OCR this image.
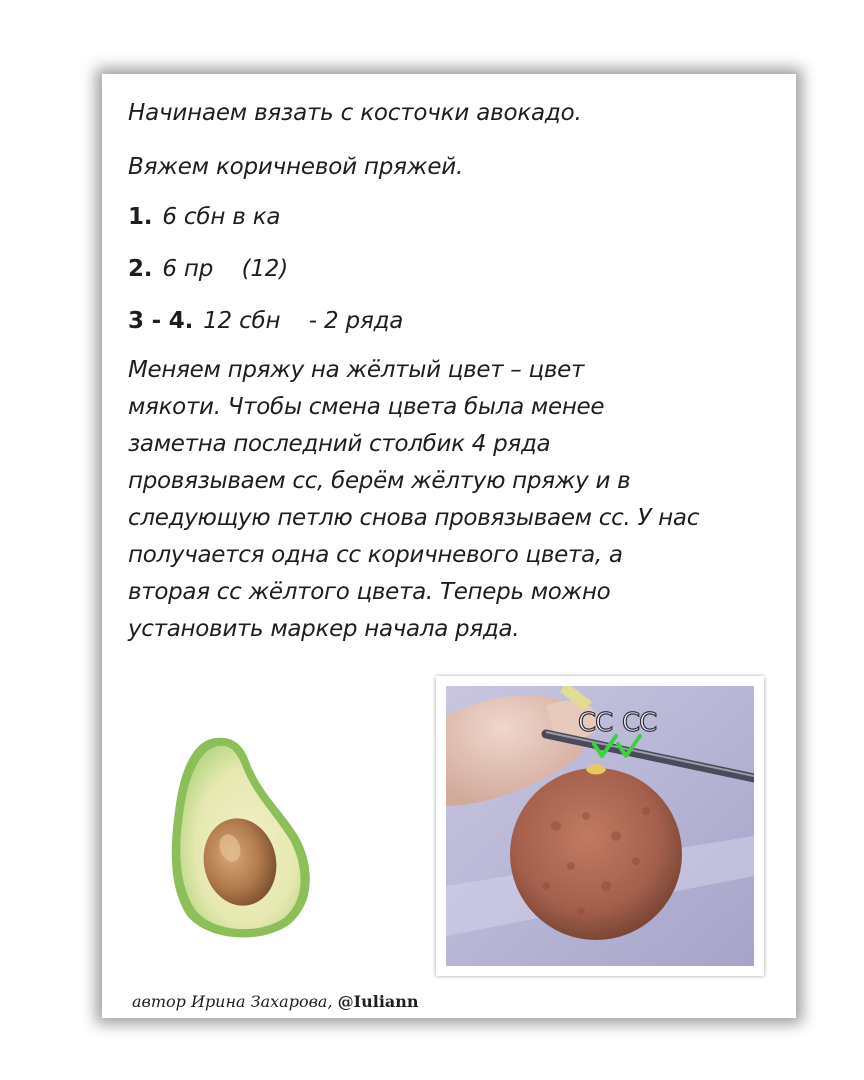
Начинаем вязать с косточки авокадо.
Вяжем коричневой пряжей.
1. 6 сбн в ка
2. 6 пр    (12)
3 - 4. 12 сбн    - 2 ряда
Меняем пряжу на жёлтый цвет – цвет
мякоти. Чтобы смена цвета была менее
заметна последний столбик 4 ряда
провязываем сс, берём жёлтую пряжу и в
следующую петлю снова провязываем сс. У нас
получается одна сс коричневого цвета, а
вторая сс жёлтого цвета. Теперь можно
установить маркер начала ряда.
СС СС
автор Ирина Захарова, @Iuliann
